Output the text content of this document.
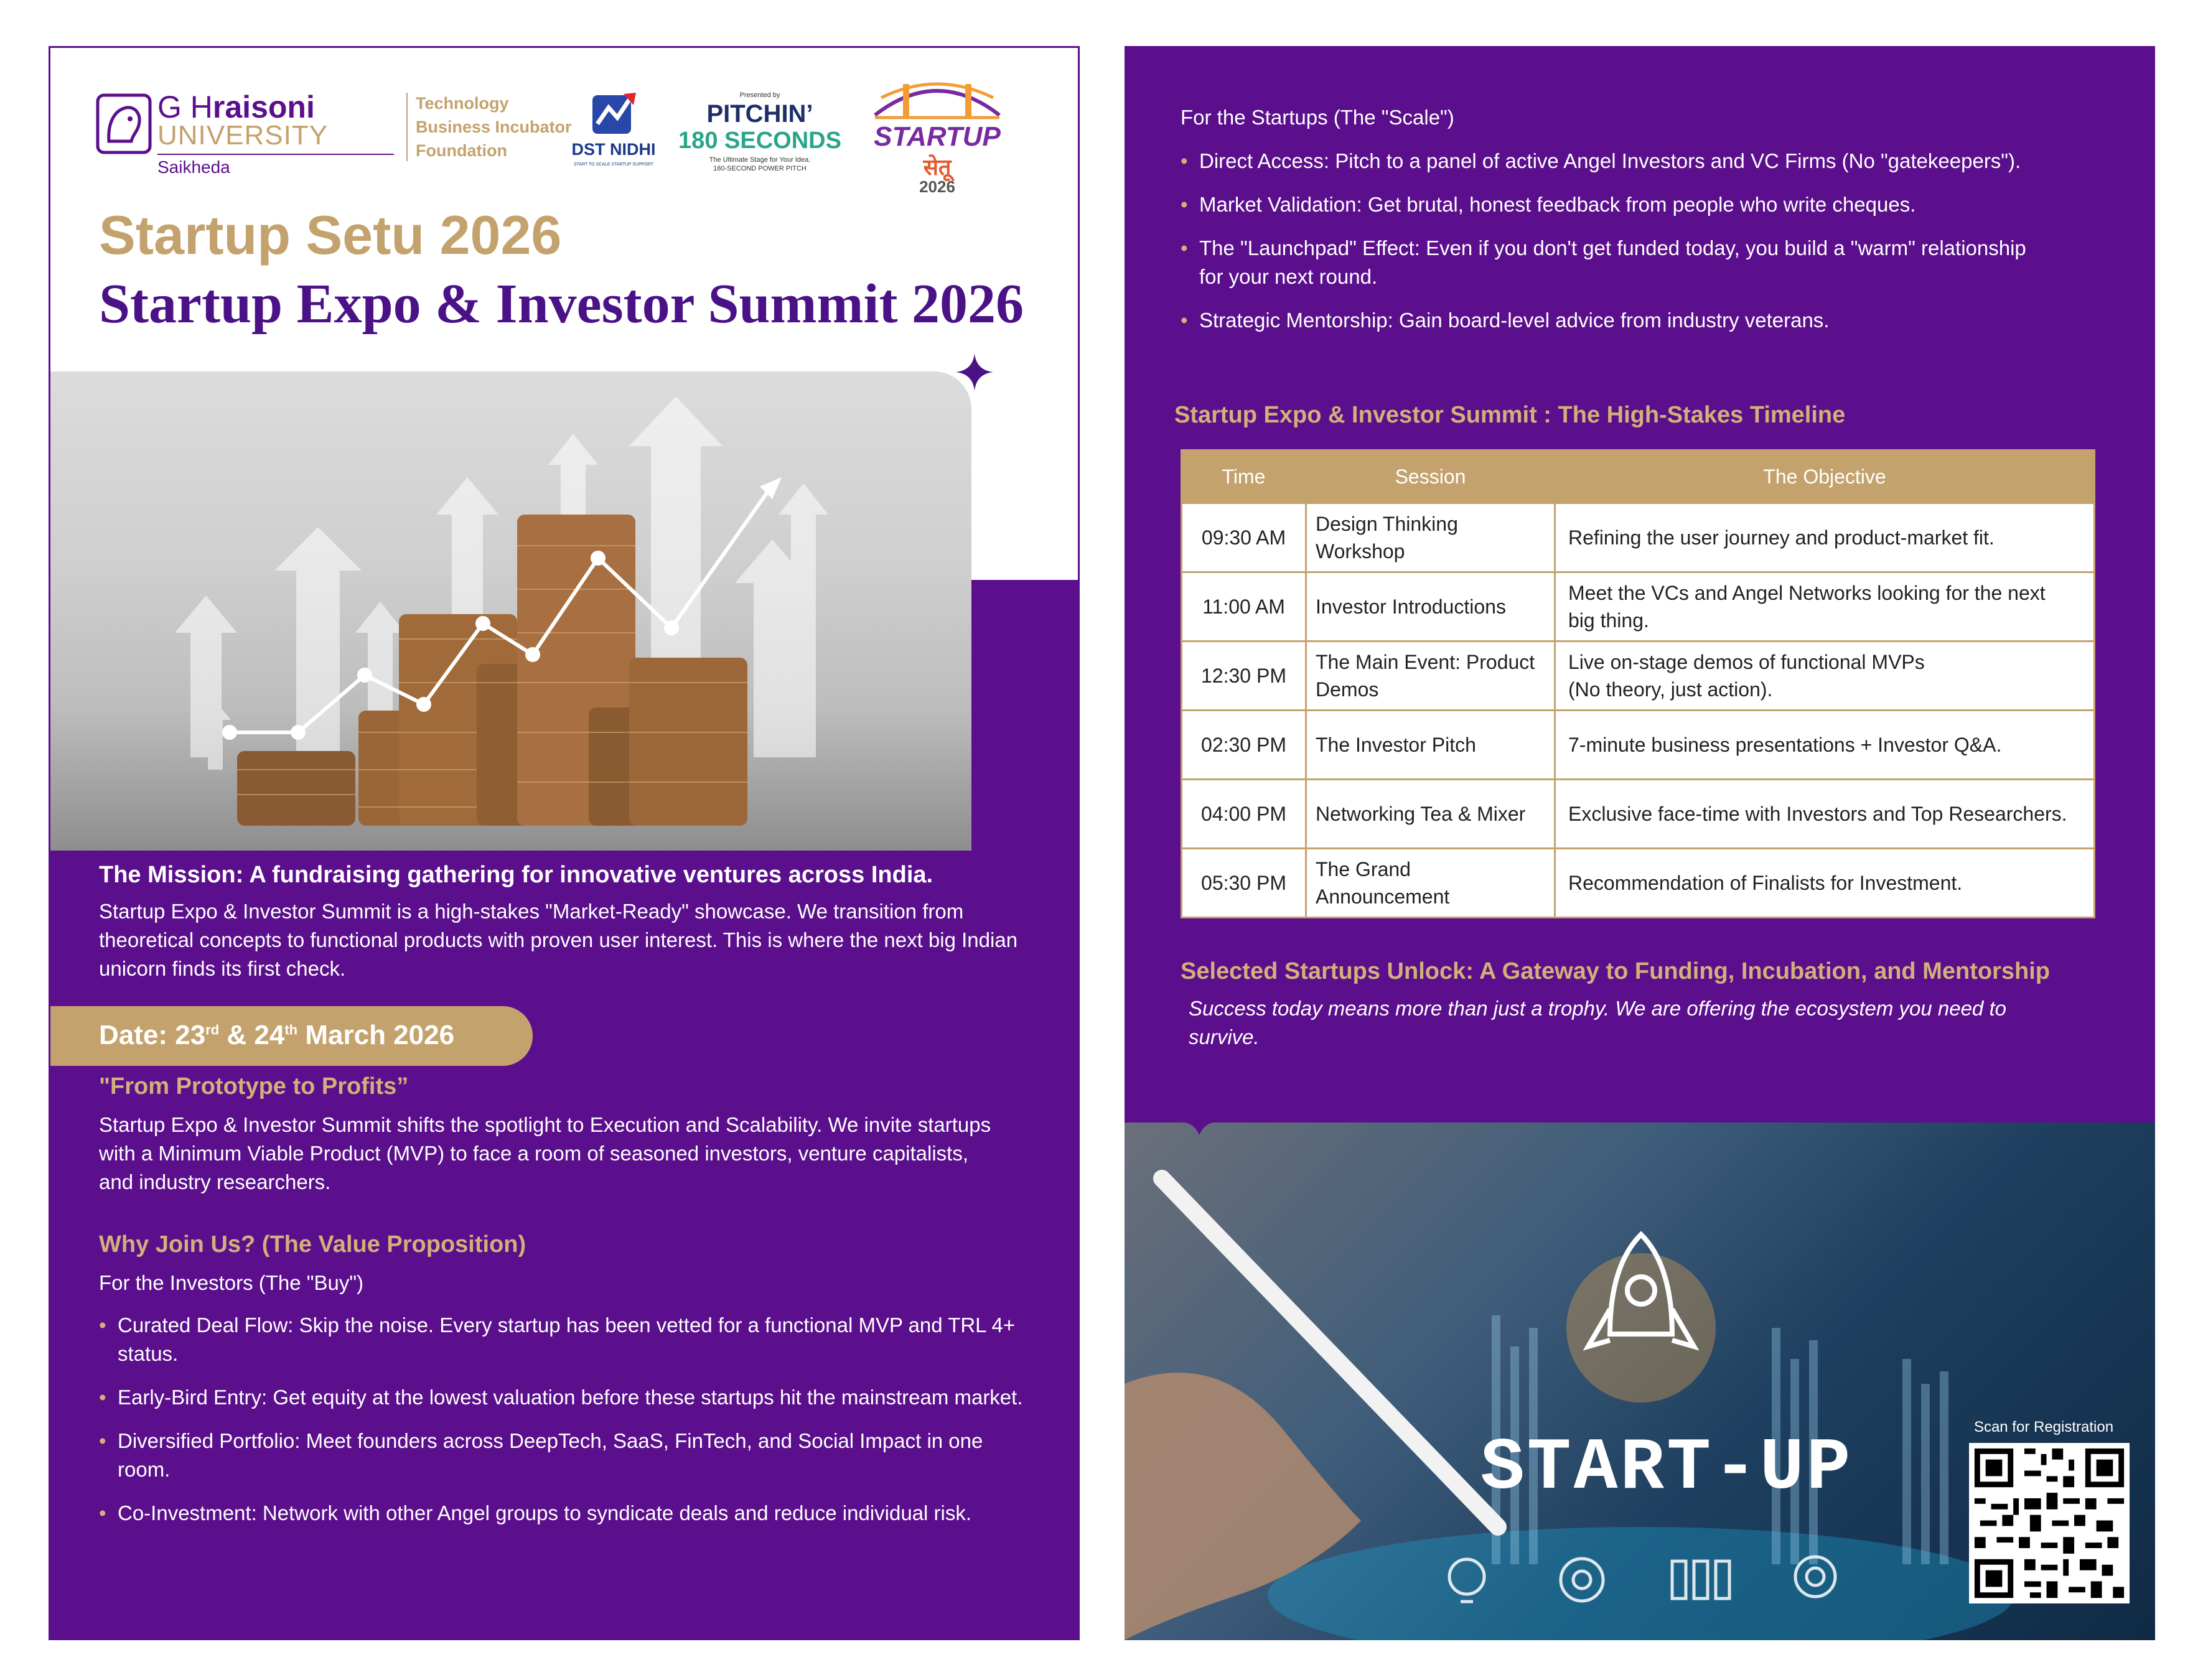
G Hraisoni
UNIVERSITY
Saikheda
Technology
Business Incubator
Foundation	DST NIDHI
START TO SCALE STARTUP SUPPORT
Presented by
PITCHIN’
180 SECONDS
The Ultimate Stage for Your Idea.
180-SECOND POWER PITCH
STARTUP
सेतू
2026
Startup Setu 2026
Startup Expo & Investor Summit 2026
The Mission: A fundraising gathering for innovative ventures across India.
Startup Expo & Investor Summit is a high-stakes "Market-Ready" showcase. We transition from theoretical concepts to functional products with proven user interest. This is where the next big Indian unicorn finds its first check.
Date: 23rd & 24th March 2026
"From Prototype to Profits”
Startup Expo & Investor Summit shifts the spotlight to Execution and Scalability. We invite startups with a Minimum Viable Product (MVP) to face a room of seasoned investors, venture capitalists, and industry researchers.
Why Join Us? (The Value Proposition)
For the Investors (The "Buy")
• Curated Deal Flow: Skip the noise. Every startup has been vetted for a functional MVP and TRL 4+ status.
• Early-Bird Entry: Get equity at the lowest valuation before these startups hit the mainstream market.
• Diversified Portfolio: Meet founders across DeepTech, SaaS, FinTech, and Social Impact in one room.
• Co-Investment: Network with other Angel groups to syndicate deals and reduce individual risk.
For the Startups (The "Scale")
• Direct Access: Pitch to a panel of active Angel Investors and VC Firms (No "gatekeepers").
• Market Validation: Get brutal, honest feedback from people who write cheques.
• The "Launchpad" Effect: Even if you don't get funded today, you build a "warm" relationship for your next round.
• Strategic Mentorship: Gain board-level advice from industry veterans.
Startup Expo & Investor Summit : The High-Stakes Timeline
Time	Session	The Objective
09:30 AM	Design Thinking Workshop	Refining the user journey and product-market fit.
11:00 AM	Investor Introductions	Meet the VCs and Angel Networks looking for the next big thing.
12:30 PM	The Main Event: Product Demos	Live on-stage demos of functional MVPs (No theory, just action).
02:30 PM	The Investor Pitch	7-minute business presentations + Investor Q&A.
04:00 PM	Networking Tea & Mixer	Exclusive face-time with Investors and Top Researchers.
05:30 PM	The Grand Announcement	Recommendation of Finalists for Investment.
Selected Startups Unlock: A Gateway to Funding, Incubation, and Mentorship
Success today means more than just a trophy. We are offering the ecosystem you need to survive.
START-UP
Scan for Registration
